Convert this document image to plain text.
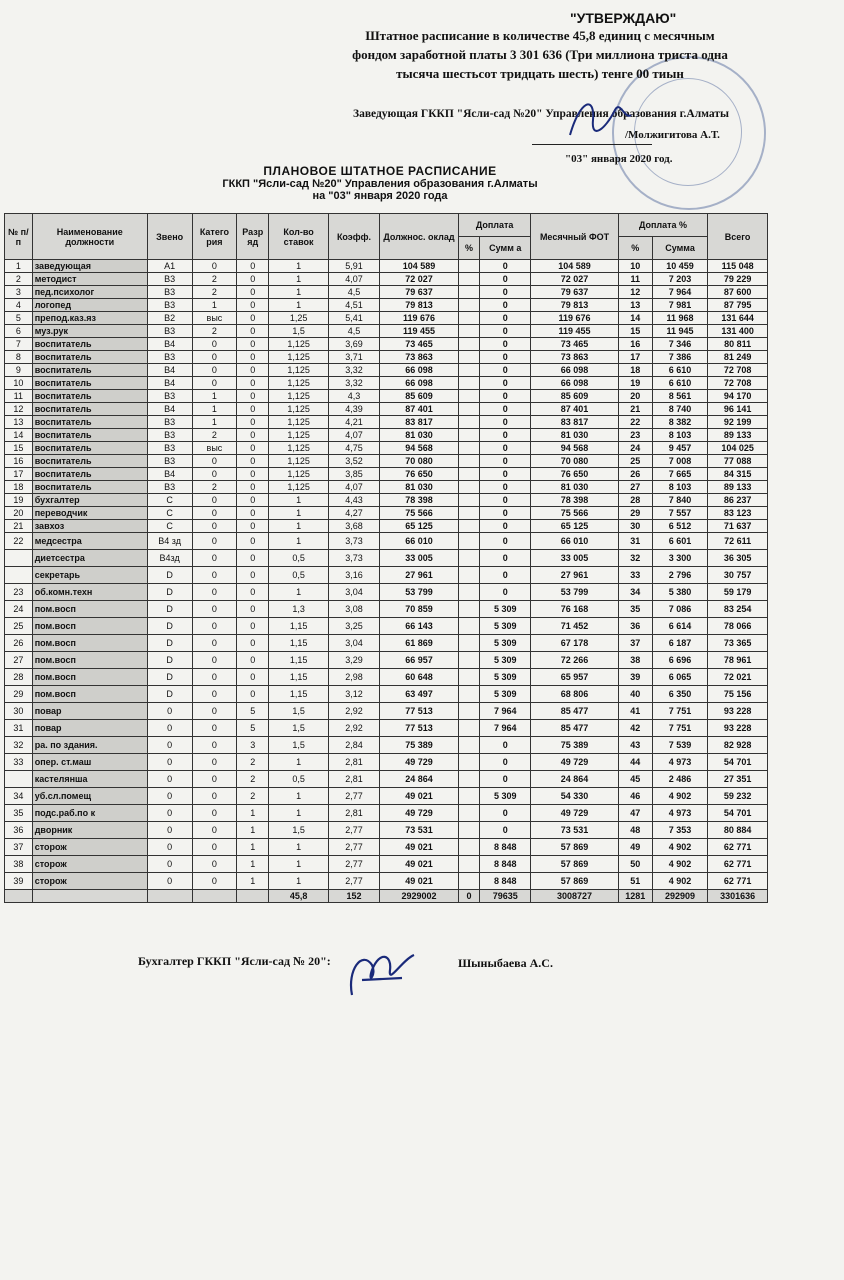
"УТВЕРЖДАЮ"
Штатное расписание в количестве 45,8 единиц с месячным
фондом заработной платы 3 301 636 (Три миллиона триста одна
тысяча шестьсот тридцать шесть) тенге 00 тиын
Заведующая ГККП "Ясли-сад №20" Управления образования г.Алматы
/Молжигитова А.Т.
"03" января 2020 год.
ПЛАНОВОЕ ШТАТНОЕ РАСПИСАНИЕ
ГККП "Ясли-сад №20" Управления образования г.Алматы
на "03" января 2020 года
№ п/п	Наименование должности	Звено	Катего рия	Разр яд	Кол-во ставок	Коэфф.	Должнос. оклад	Доплата		Месячный ФОТ	Доплата %		Всего
								%	Сумм а		%	Сумма	
1	заведующая	А1	0	0	1	5,91	104 589		0	104 589	10	10 459	115 048
2	методист	В3	2	0	1	4,07	72 027		0	72 027	11	7 203	79 229
3	пед.психолог	В3	2	0	1	4,5	79 637		0	79 637	12	7 964	87 600
4	логопед	В3	1	0	1	4,51	79 813		0	79 813	13	7 981	87 795
5	препод.каз.яз	В2	выс	0	1,25	5,41	119 676		0	119 676	14	11 968	131 644
6	муз.рук	В3	2	0	1,5	4,5	119 455		0	119 455	15	11 945	131 400
7	воспитатель	В4	0	0	1,125	3,69	73 465		0	73 465	16	7 346	80 811
8	воспитатель	В3	0	0	1,125	3,71	73 863		0	73 863	17	7 386	81 249
9	воспитатель	В4	0	0	1,125	3,32	66 098		0	66 098	18	6 610	72 708
10	воспитатель	В4	0	0	1,125	3,32	66 098		0	66 098	19	6 610	72 708
11	воспитатель	В3	1	0	1,125	4,3	85 609		0	85 609	20	8 561	94 170
12	воспитатель	В4	1	0	1,125	4,39	87 401		0	87 401	21	8 740	96 141
13	воспитатель	В3	1	0	1,125	4,21	83 817		0	83 817	22	8 382	92 199
14	воспитатель	В3	2	0	1,125	4,07	81 030		0	81 030	23	8 103	89 133
15	воспитатель	В3	выс	0	1,125	4,75	94 568		0	94 568	24	9 457	104 025
16	воспитатель	В3	0	0	1,125	3,52	70 080		0	70 080	25	7 008	77 088
17	воспитатель	В4	0	0	1,125	3,85	76 650		0	76 650	26	7 665	84 315
18	воспитатель	В3	2	0	1,125	4,07	81 030		0	81 030	27	8 103	89 133
19	бухгалтер	С	0	0	1	4,43	78 398		0	78 398	28	7 840	86 237
20	переводчик	С	0	0	1	4,27	75 566		0	75 566	29	7 557	83 123
21	завхоз	С	0	0	1	3,68	65 125		0	65 125	30	6 512	71 637
22	медсестра	В4 зд	0	0	1	3,73	66 010		0	66 010	31	6 601	72 611
	диетсестра	В4зд	0	0	0,5	3,73	33 005		0	33 005	32	3 300	36 305
	секретарь	D	0	0	0,5	3,16	27 961		0	27 961	33	2 796	30 757
23	об.комн.техн	D	0	0	1	3,04	53 799		0	53 799	34	5 380	59 179
24	пом.восп	D	0	0	1,3	3,08	70 859		5 309	76 168	35	7 086	83 254
25	пом.восп	D	0	0	1,15	3,25	66 143		5 309	71 452	36	6 614	78 066
26	пом.восп	D	0	0	1,15	3,04	61 869		5 309	67 178	37	6 187	73 365
27	пом.восп	D	0	0	1,15	3,29	66 957		5 309	72 266	38	6 696	78 961
28	пом.восп	D	0	0	1,15	2,98	60 648		5 309	65 957	39	6 065	72 021
29	пом.восп	D	0	0	1,15	3,12	63 497		5 309	68 806	40	6 350	75 156
30	повар	0	0	5	1,5	2,92	77 513		7 964	85 477	41	7 751	93 228
31	повар	0	0	5	1,5	2,92	77 513		7 964	85 477	42	7 751	93 228
32	ра. по здания.	0	0	3	1,5	2,84	75 389		0	75 389	43	7 539	82 928
33	опер. ст.маш	0	0	2	1	2,81	49 729		0	49 729	44	4 973	54 701
	кастелянша	0	0	2	0,5	2,81	24 864		0	24 864	45	2 486	27 351
34	уб.сл.помещ	0	0	2	1	2,77	49 021		5 309	54 330	46	4 902	59 232
35	подс.раб.по к	0	0	1	1	2,81	49 729		0	49 729	47	4 973	54 701
36	дворник	0	0	1	1,5	2,77	73 531		0	73 531	48	7 353	80 884
37	сторож	0	0	1	1	2,77	49 021		8 848	57 869	49	4 902	62 771
38	сторож	0	0	1	1	2,77	49 021		8 848	57 869	50	4 902	62 771
39	сторож	0	0	1	1	2,77	49 021		8 848	57 869	51	4 902	62 771
					45,8	152	2929002	0	79635	3008727	1281	292909	3301636
Бухгалтер ГККП "Ясли-сад № 20":	Шыныбаева А.С.
